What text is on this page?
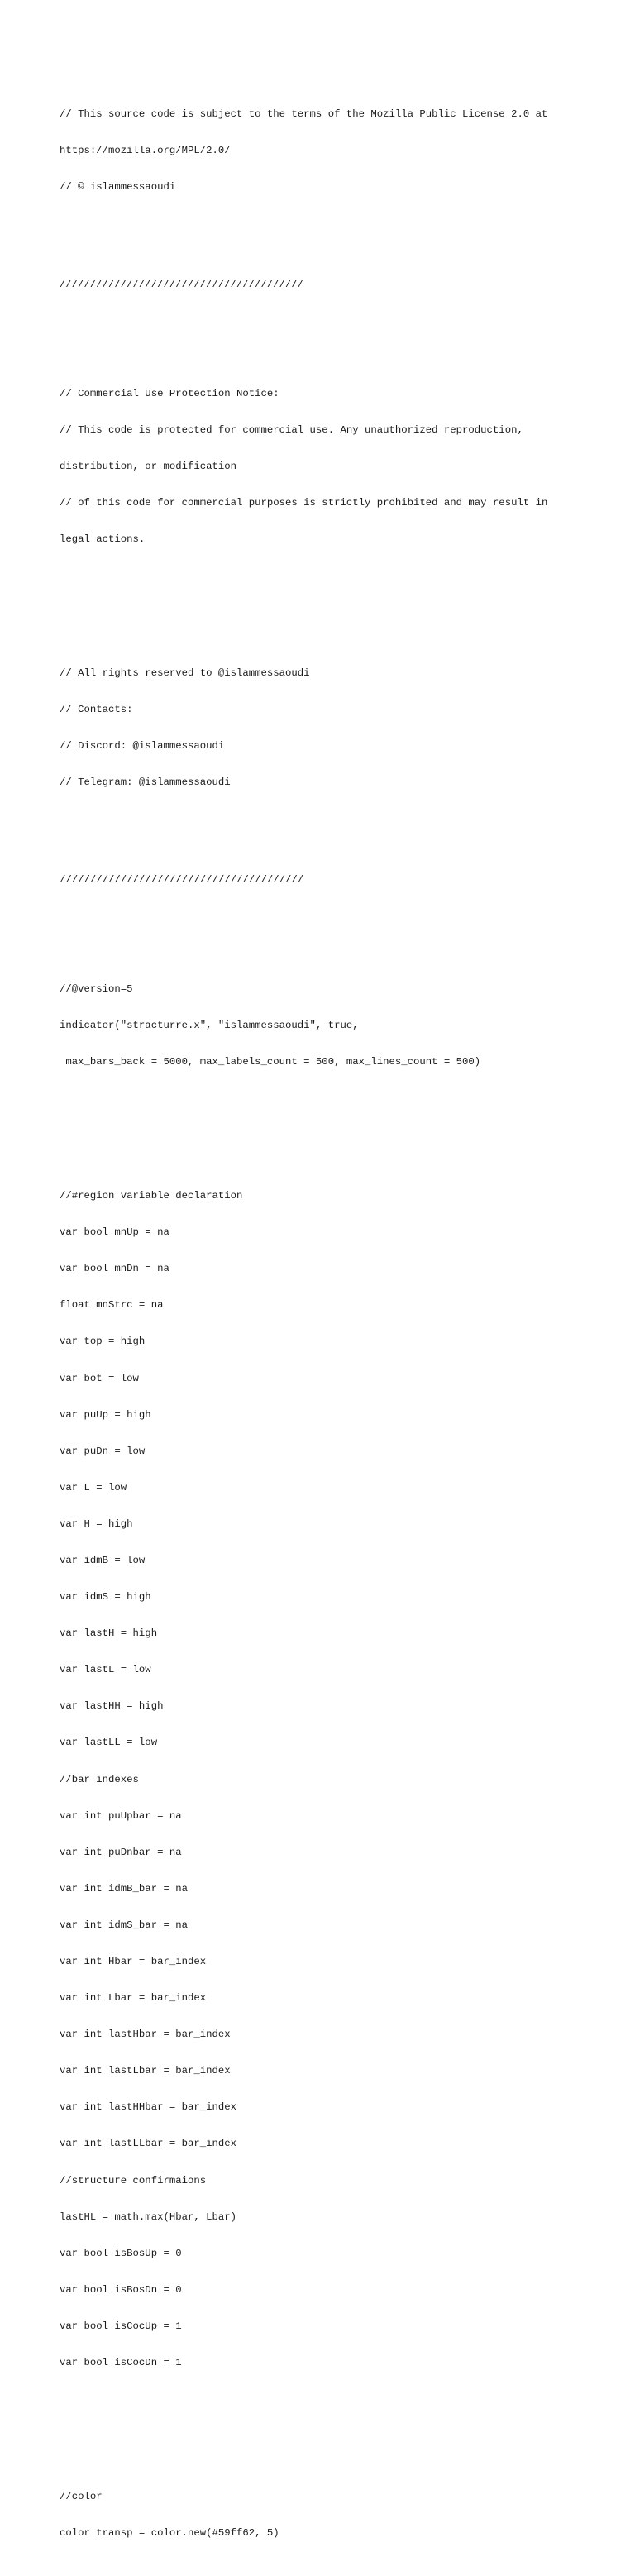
// This source code is subject to the terms of the Mozilla Public License 2.0 at

https://mozilla.org/MPL/2.0/

// © islammessaoudi

////////////////////////////////////////

// Commercial Use Protection Notice:

// This code is protected for commercial use. Any unauthorized reproduction,

distribution, or modification

// of this code for commercial purposes is strictly prohibited and may result in

legal actions.

// All rights reserved to @islammessaoudi

// Contacts:

// Discord: @islammessaoudi

// Telegram: @islammessaoudi

////////////////////////////////////////

//@version=5

indicator("stracturre.x", "islammessaoudi", true,

max_bars_back = 5000, max_labels_count = 500, max_lines_count = 500)

//#region variable declaration

var bool mnUp = na

var bool mnDn = na

float mnStrc = na

var top = high

var bot = low

var puUp = high

var puDn = low

var L = low

var H = high

var idmB = low

var idmS = high

var lastH = high

var lastL = low

var lastHH = high

var lastLL = low

//bar indexes

var int puUpbar = na

var int puDnbar = na

var int idmB_bar = na

var int idmS_bar = na

var int Hbar = bar_index

var int Lbar = bar_index

var int lastHbar = bar_index

var int lastLbar = bar_index

var int lastHHbar = bar_index

var int lastLLbar = bar_index

//structure confirmaions

lastHL = math.max(Hbar, Lbar)

var bool isBosUp = 0

var bool isBosDn = 0

var bool isCocUp = 1

var bool isCocDn = 1

//color

color transp = color.new(#59ff62, 5)
